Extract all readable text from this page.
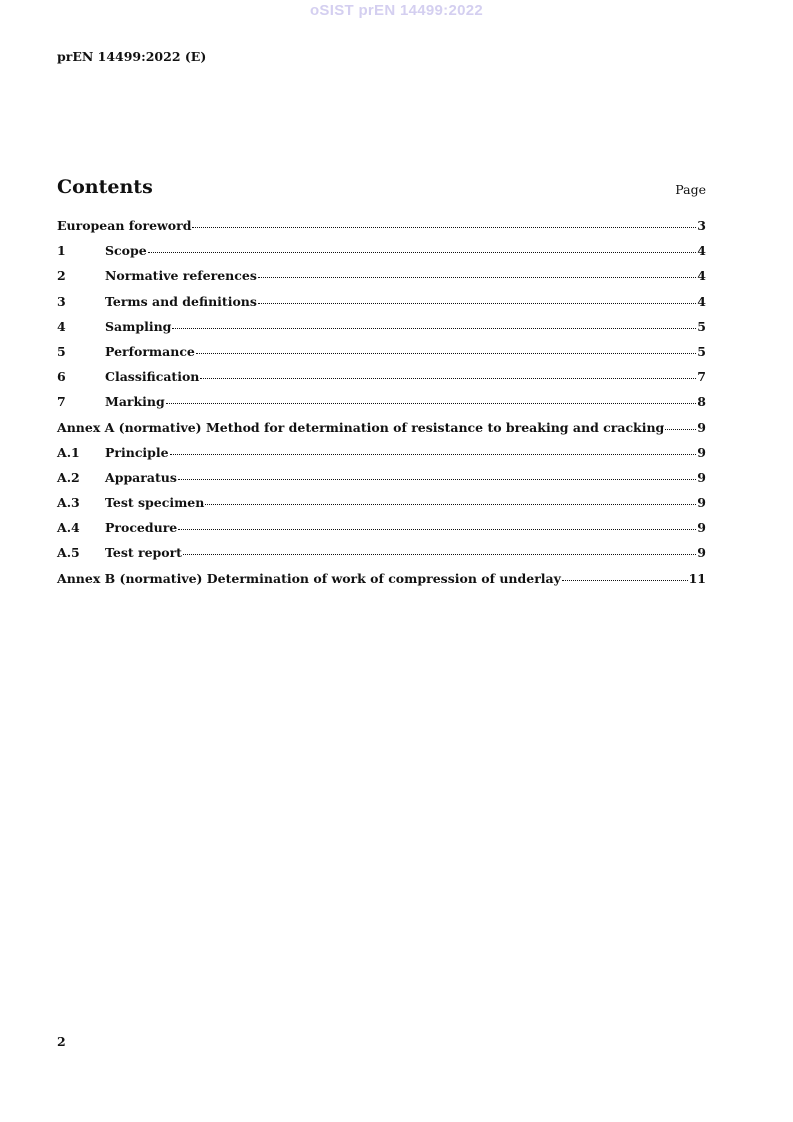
oSIST prEN 14499:2022
prEN 14499:2022 (E)
Contents	Page
European foreword	3
1	Scope	4
2	Normative references	4
3	Terms and definitions	4
4	Sampling	5
5	Performance	5
6	Classification	7
7	Marking	8
Annex A (normative) Method for determination of resistance to breaking and cracking	9
A.1	Principle	9
A.2	Apparatus	9
A.3	Test specimen	9
A.4	Procedure	9
A.5	Test report	9
Annex B (normative) Determination of work of compression of underlay	11
2
